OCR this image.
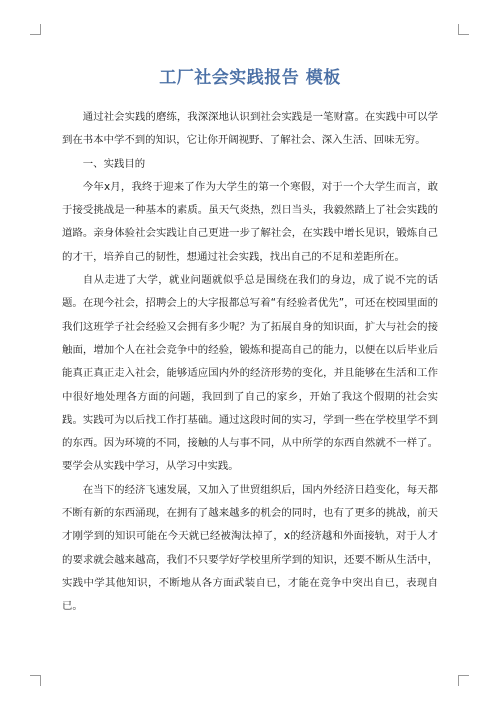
工厂社会实践报告 模板

通过社会实践的磨练，我深深地认识到社会实践是一笔财富。在实践中可以学到在书本中学不到的知识，它让你开阔视野、了解社会、深入生活、回味无穷。

一、实践目的

今年x月，我终于迎来了作为大学生的第一个寒假，对于一个大学生而言，敢于接受挑战是一种基本的素质。虽天气炎热，烈日当头，我毅然踏上了社会实践的道路。亲身体验社会实践让自己更进一步了解社会，在实践中增长见识，锻炼自己的才干，培养自己的韧性，想通过社会实践，找出自己的不足和差距所在。

自从走进了大学，就业问题就似乎总是围绕在我们的身边，成了说不完的话题。在现今社会，招聘会上的大字报都总写着“有经验者优先”，可还在校园里面的我们这班学子社会经验又会拥有多少呢？为了拓展自身的知识面，扩大与社会的接触面，增加个人在社会竞争中的经验，锻炼和提高自己的能力，以便在以后毕业后能真正真正走入社会，能够适应国内外的经济形势的变化，并且能够在生活和工作中很好地处理各方面的问题，我回到了自己的家乡，开始了我这个假期的社会实践。实践可为以后找工作打基础。通过这段时间的实习，学到一些在学校里学不到的东西。因为环境的不同，接触的人与事不同，从中所学的东西自然就不一样了。要学会从实践中学习，从学习中实践。

在当下的经济飞速发展，又加入了世贸组织后，国内外经济日趋变化，每天都不断有新的东西涌现，在拥有了越来越多的机会的同时，也有了更多的挑战，前天才刚学到的知识可能在今天就已经被淘汰掉了，x的经济越和外面接轨，对于人才的要求就会越来越高，我们不只要学好学校里所学到的知识，还要不断从生活中，实践中学其他知识，不断地从各方面武装自已，才能在竞争中突出自已，表现自已。
